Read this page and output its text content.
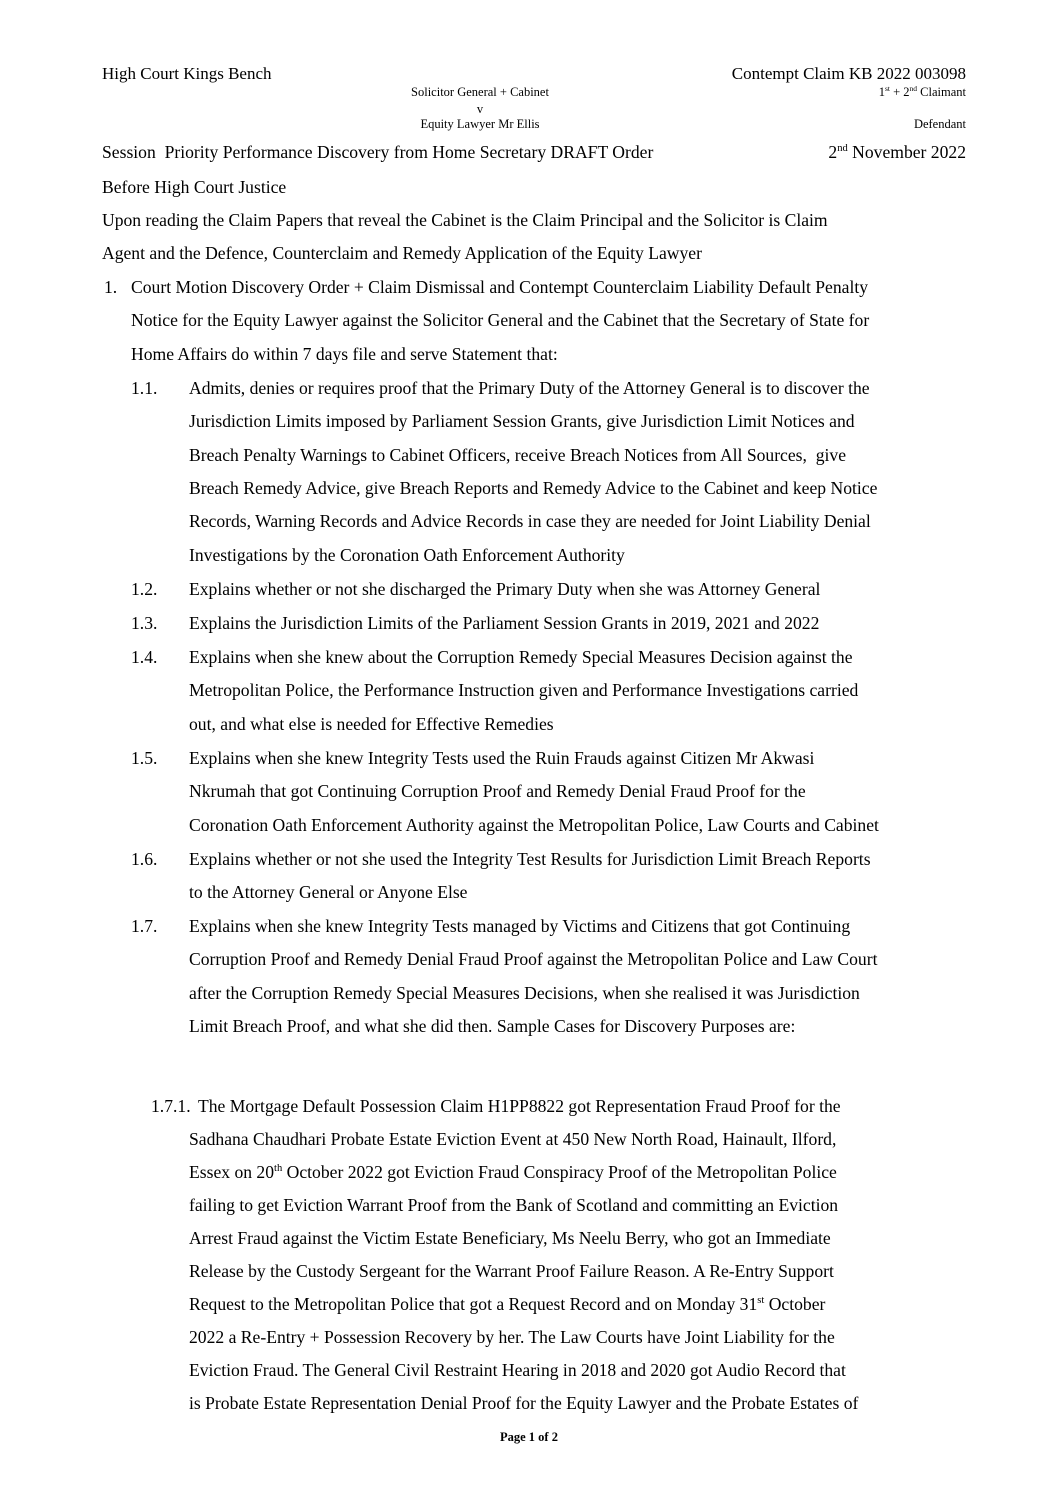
High Court Kings Bench	Contempt Claim KB 2022 003098
Solicitor General + Cabinet
v
Equity Lawyer Mr Ellis
1st + 2nd Claimant
Defendant
Session  Priority Performance Discovery from Home Secretary DRAFT Order	2nd November 2022
Before High Court Justice
Upon reading the Claim Papers that reveal the Cabinet is the Claim Principal and the Solicitor is Claim
Agent and the Defence, Counterclaim and Remedy Application of the Equity Lawyer
1. Court Motion Discovery Order + Claim Dismissal and Contempt Counterclaim Liability Default Penalty
Notice for the Equity Lawyer against the Solicitor General and the Cabinet that the Secretary of State for
Home Affairs do within 7 days file and serve Statement that:
1.1. Admits, denies or requires proof that the Primary Duty of the Attorney General is to discover the
Jurisdiction Limits imposed by Parliament Session Grants, give Jurisdiction Limit Notices and
Breach Penalty Warnings to Cabinet Officers, receive Breach Notices from All Sources,  give
Breach Remedy Advice, give Breach Reports and Remedy Advice to the Cabinet and keep Notice
Records, Warning Records and Advice Records in case they are needed for Joint Liability Denial
Investigations by the Coronation Oath Enforcement Authority
1.2. Explains whether or not she discharged the Primary Duty when she was Attorney General
1.3. Explains the Jurisdiction Limits of the Parliament Session Grants in 2019, 2021 and 2022
1.4. Explains when she knew about the Corruption Remedy Special Measures Decision against the
Metropolitan Police, the Performance Instruction given and Performance Investigations carried
out, and what else is needed for Effective Remedies
1.5. Explains when she knew Integrity Tests used the Ruin Frauds against Citizen Mr Akwasi
Nkrumah that got Continuing Corruption Proof and Remedy Denial Fraud Proof for the
Coronation Oath Enforcement Authority against the Metropolitan Police, Law Courts and Cabinet
1.6. Explains whether or not she used the Integrity Test Results for Jurisdiction Limit Breach Reports
to the Attorney General or Anyone Else
1.7. Explains when she knew Integrity Tests managed by Victims and Citizens that got Continuing
Corruption Proof and Remedy Denial Fraud Proof against the Metropolitan Police and Law Court
after the Corruption Remedy Special Measures Decisions, when she realised it was Jurisdiction
Limit Breach Proof, and what she did then. Sample Cases for Discovery Purposes are:
1.7.1. The Mortgage Default Possession Claim H1PP8822 got Representation Fraud Proof for the
Sadhana Chaudhari Probate Estate Eviction Event at 450 New North Road, Hainault, Ilford,
Essex on 20th October 2022 got Eviction Fraud Conspiracy Proof of the Metropolitan Police
failing to get Eviction Warrant Proof from the Bank of Scotland and committing an Eviction
Arrest Fraud against the Victim Estate Beneficiary, Ms Neelu Berry, who got an Immediate
Release by the Custody Sergeant for the Warrant Proof Failure Reason. A Re-Entry Support
Request to the Metropolitan Police that got a Request Record and on Monday 31st October
2022 a Re-Entry + Possession Recovery by her. The Law Courts have Joint Liability for the
Eviction Fraud. The General Civil Restraint Hearing in 2018 and 2020 got Audio Record that
is Probate Estate Representation Denial Proof for the Equity Lawyer and the Probate Estates of
Page 1 of 2
